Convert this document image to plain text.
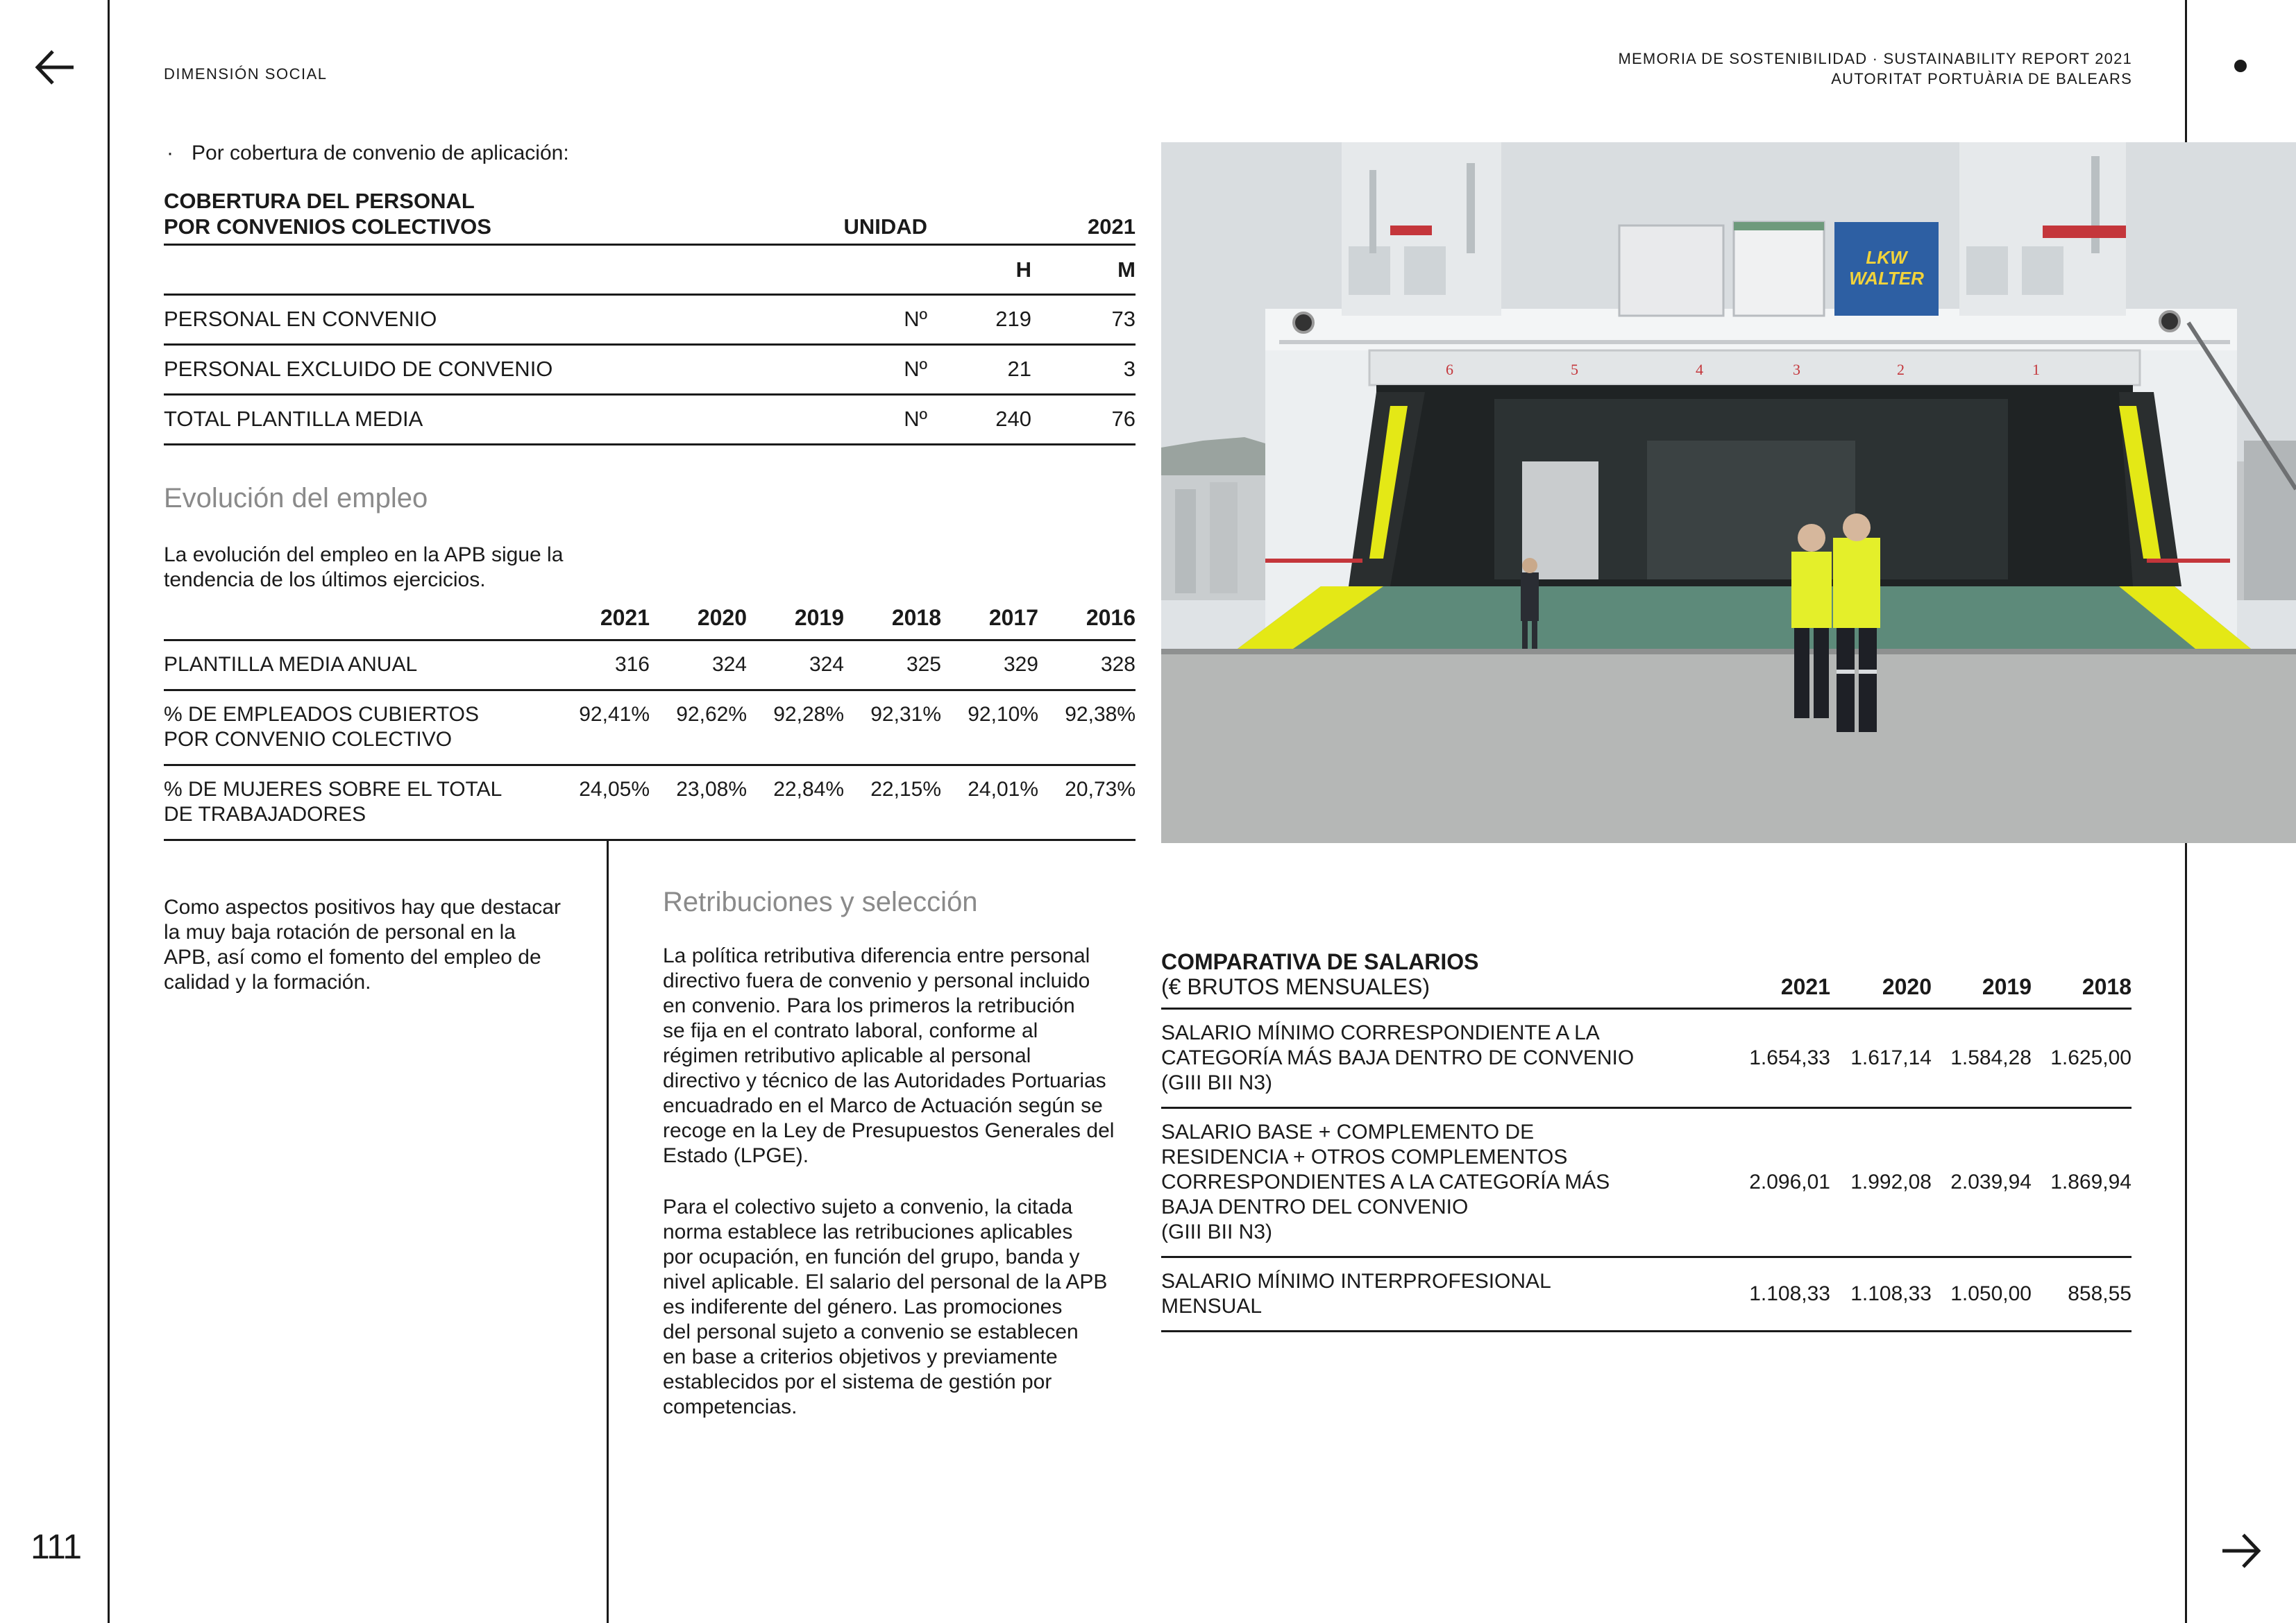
111
DIMENSIÓN SOCIAL
MEMORIA DE SOSTENIBILIDAD · SUSTAINABILITY REPORT 2021
AUTORITAT PORTUÀRIA DE BALEARS
· Por cobertura de convenio de aplicación:
COBERTURA DEL PERSONAL
POR CONVENIOS COLECTIVOS	UNIDAD		2021
		H	M
PERSONAL EN CONVENIO	Nº	219	73
PERSONAL EXCLUIDO DE CONVENIO	Nº	21	3
TOTAL PLANTILLA MEDIA	Nº	240	76
Evolución del empleo
La evolución del empleo en la APB sigue la
tendencia de los últimos ejercicios.
	2021	2020	2019	2018	2017	2016
PLANTILLA MEDIA ANUAL	316	324	324	325	329	328

% DE EMPLEADOS CUBIERTOS
POR CONVENIO COLECTIVO	92,41%	92,62%	92,28%	92,31%	92,10%	92,38%

% DE MUJERES SOBRE EL TOTAL
DE TRABAJADORES	24,05%	23,08%	22,84%	22,15%	24,01%	20,73%
Como aspectos positivos hay que destacar
la muy baja rotación de personal en la
APB, así como el fomento del empleo de
calidad y la formación.
Retribuciones y selección
La política retributiva diferencia entre personal
directivo fuera de convenio y personal incluido
en convenio. Para los primeros la retribución
se fija en el contrato laboral, conforme al
régimen retributivo aplicable al personal
directivo y técnico de las Autoridades Portuarias
encuadrado en el Marco de Actuación según se
recoge en la Ley de Presupuestos Generales del
Estado (LPGE).
Para el colectivo sujeto a convenio, la citada
norma establece las retribuciones aplicables
por ocupación, en función del grupo, banda y
nivel aplicable. El salario del personal de la APB
es indiferente del género. Las promociones
del personal sujeto a convenio se establecen
en base a criterios objetivos y previamente
establecidos por el sistema de gestión por
competencias.
COMPARATIVA DE SALARIOS
(€ BRUTOS MENSUALES)	2021	2020	2019	2018

SALARIO MÍNIMO CORRESPONDIENTE A LA
CATEGORÍA MÁS BAJA DENTRO DE CONVENIO
(GIII BII N3)	1.654,33	1.617,14	1.584,28	1.625,00

SALARIO BASE + COMPLEMENTO DE
RESIDENCIA + OTROS COMPLEMENTOS
CORRESPONDIENTES A LA CATEGORÍA MÁS
BAJA DENTRO DEL CONVENIO
(GIII BII N3)	2.096,01	1.992,08	2.039,94	1.869,94

SALARIO MÍNIMO INTERPROFESIONAL
MENSUAL	1.108,33	1.108,33	1.050,00	858,55
LKW
WALTER
6	5	4	3	2	1
